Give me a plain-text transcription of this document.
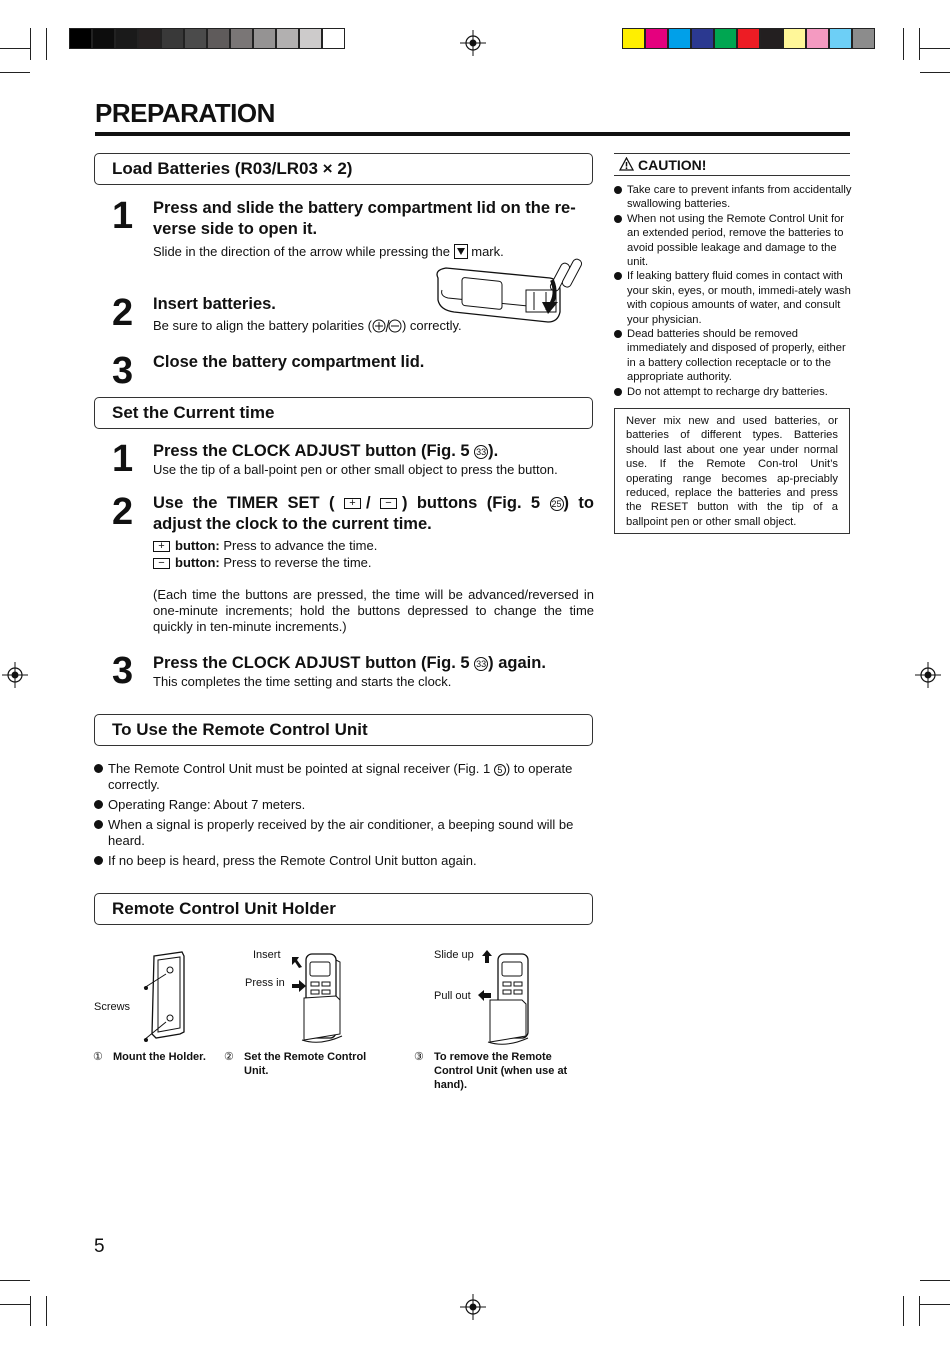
PREPARATION
Load Batteries (R03/LR03 × 2)
1 Press and slide the battery compartment lid on the re-verse side to open it.
Slide in the direction of the arrow while pressing the mark.
2 Insert batteries.
Be sure to align the battery polarities ( ) correctly.
3 Close the battery compartment lid.
Set the Current time
1 Press the CLOCK ADJUST button (Fig. 5 33 ).
Use the tip of a ball-point pen or other small object to press the button.
2 Use the TIMER SET ( + / − ) buttons (Fig. 5 25 ) to adjust the clock to the current time.
+ button: Press to advance the time.
− button: Press to reverse the time.
(Each time the buttons are pressed, the time will be advanced/reversed in one-minute increments; hold the buttons depressed to change the time quickly in ten-minute increments.)
3 Press the CLOCK ADJUST button (Fig. 5 33 ) again.
This completes the time setting and starts the clock.
To Use the Remote Control Unit
The Remote Control Unit must be pointed at signal receiver (Fig. 1 5 ) to operate correctly.
Operating Range: About 7 meters.
When a signal is properly received by the air conditioner, a beeping sound will be heard.
If no beep is heard, press the Remote Control Unit button again.
Remote Control Unit Holder
Screws
Insert
Press in
Slide up
Pull out
① Mount the Holder.	② Set the Remote Control Unit.
③ To remove the Remote Control Unit (when use at hand).
CAUTION!
Take care to prevent infants from accidentally swallowing batteries.
When not using the Remote Control Unit for an extended period, remove the batteries to avoid possible leakage and damage to the unit.
If leaking battery fluid comes in contact with your skin, eyes, or mouth, immedi-ately wash with copious amounts of water, and consult your physician.
Dead batteries should be removed immediately and disposed of properly, either in a battery collection receptacle or to the appropriate authority.
Do not attempt to recharge dry batteries.
Never mix new and used batteries, or batteries of different types. Batteries should last about one year under normal use. If the Remote Con-trol Unit’s operating range becomes ap-preciably reduced, replace the batteries and press the RESET button with the tip of a ballpoint pen or other small object.
5
